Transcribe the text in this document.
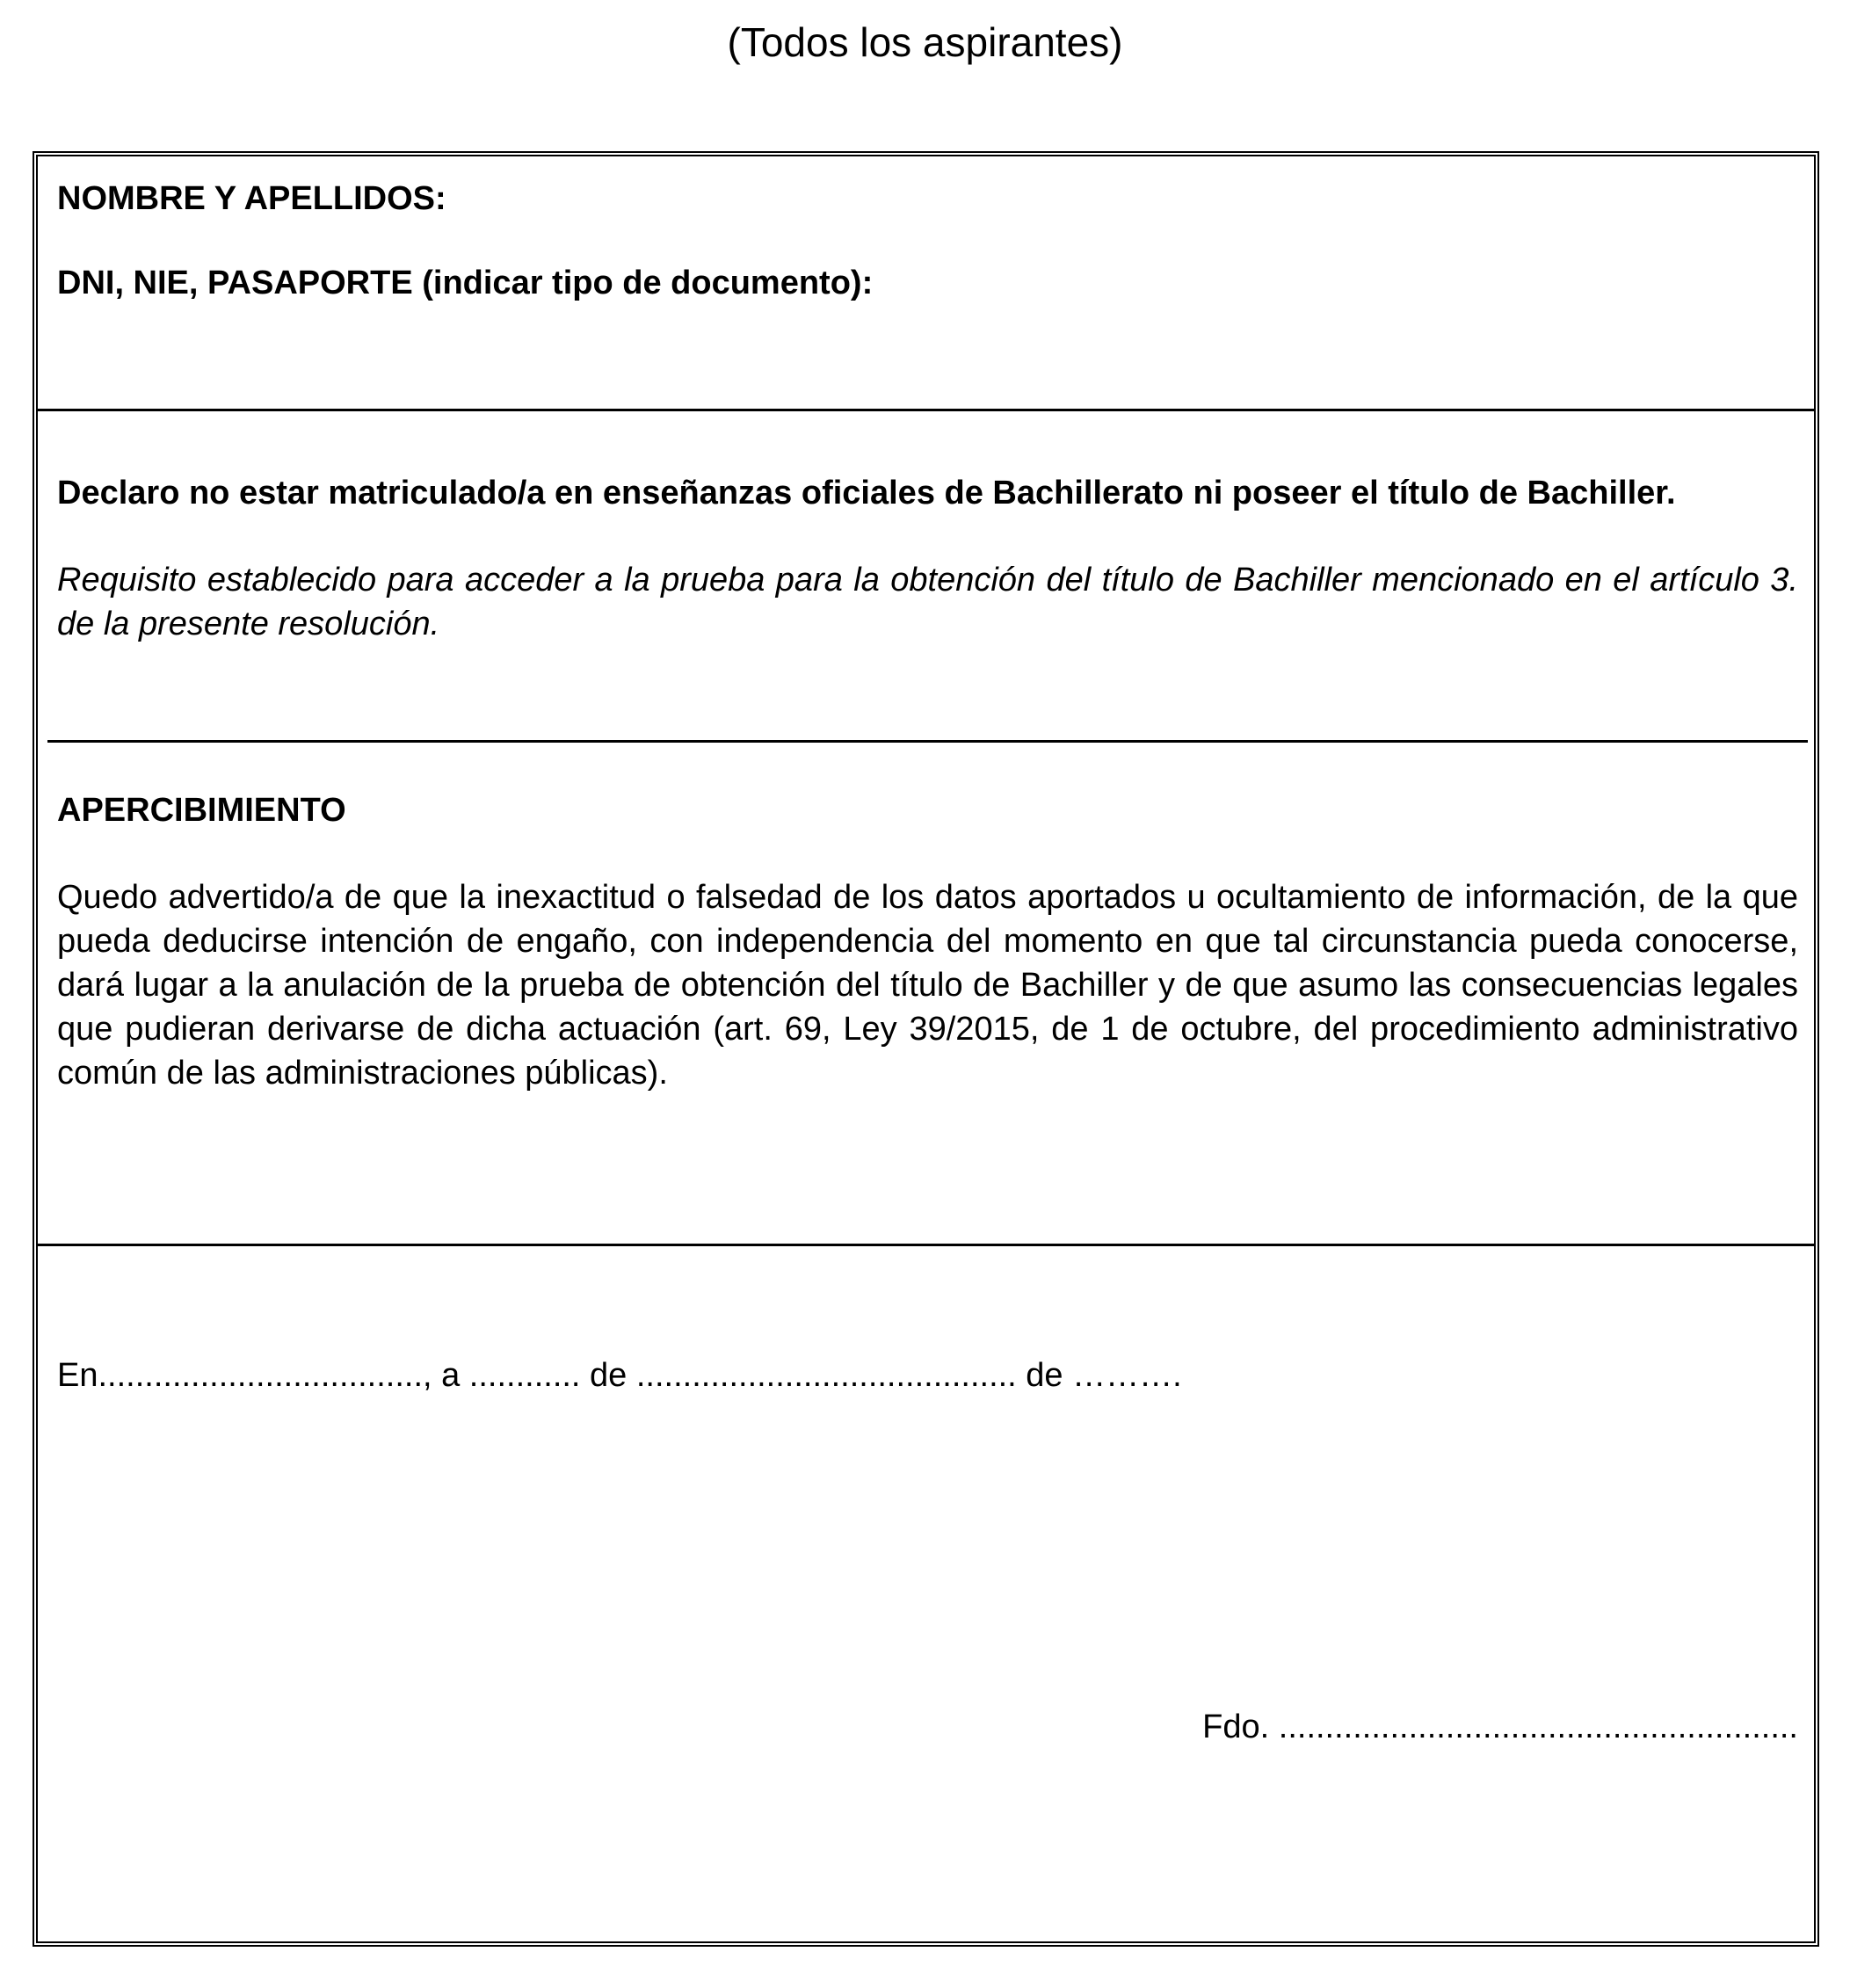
(Todos los aspirantes)

NOMBRE Y APELLIDOS:

DNI, NIE, PASAPORTE (indicar tipo de documento):

Declaro no estar matriculado/a en enseñanzas oficiales de Bachillerato ni poseer el título de Bachiller.

Requisito establecido para acceder a la prueba para la obtención del título de Bachiller mencionado en el artículo 3. de la presente resolución.

APERCIBIMIENTO

Quedo advertido/a de que la inexactitud o falsedad de los datos aportados u ocultamiento de información, de la que pueda deducirse intención de engaño, con independencia del momento en que tal circunstancia pueda conocerse, dará lugar a la anulación de la prueba de obtención del título de Bachiller y de que asumo las consecuencias legales que pudieran derivarse de dicha actuación (art. 69, Ley 39/2015, de 1 de octubre, del procedimiento administrativo común de las administraciones públicas).

En..................................., a ............ de ......................................... de ……….
Fdo. ........................................................
